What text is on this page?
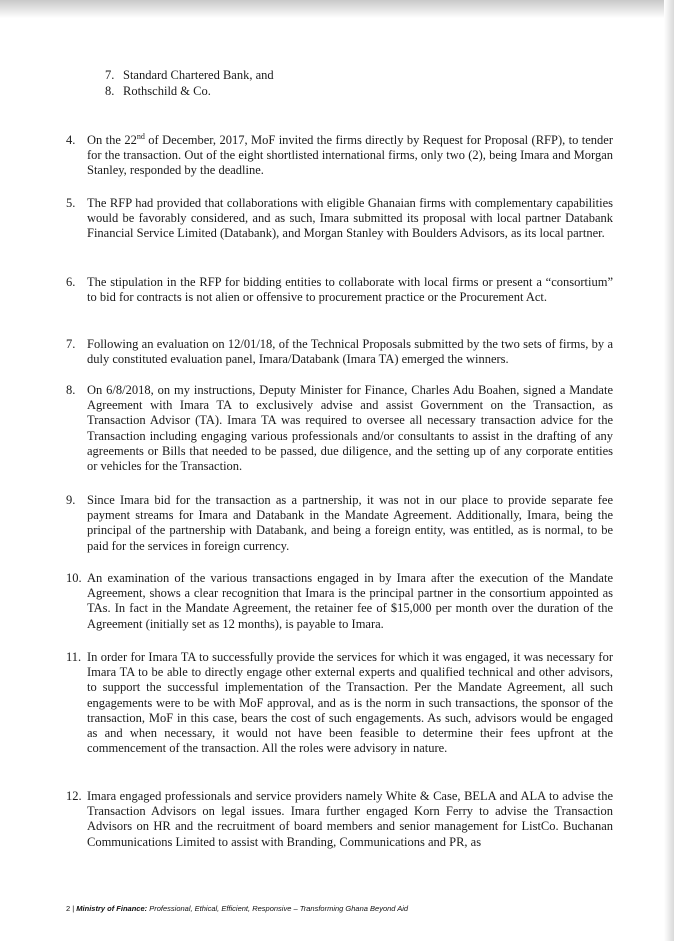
7. Standard Chartered Bank, and
8. Rothschild & Co.
4. On the 22nd of December, 2017, MoF invited the firms directly by Request for Proposal (RFP), to tender for the transaction. Out of the eight shortlisted international firms, only two (2), being Imara and Morgan Stanley, responded by the deadline.
5. The RFP had provided that collaborations with eligible Ghanaian firms with complementary capabilities would be favorably considered, and as such, Imara submitted its proposal with local partner Databank Financial Service Limited (Databank), and Morgan Stanley with Boulders Advisors, as its local partner.
6. The stipulation in the RFP for bidding entities to collaborate with local firms or present a “consortium” to bid for contracts is not alien or offensive to procurement practice or the Procurement Act.
7. Following an evaluation on 12/01/18, of the Technical Proposals submitted by the two sets of firms, by a duly constituted evaluation panel, Imara/Databank (Imara TA) emerged the winners.
8. On 6/8/2018, on my instructions, Deputy Minister for Finance, Charles Adu Boahen, signed a Mandate Agreement with Imara TA to exclusively advise and assist Government on the Transaction, as Transaction Advisor (TA). Imara TA was required to oversee all necessary transaction advice for the Transaction including engaging various professionals and/or consultants to assist in the drafting of any agreements or Bills that needed to be passed, due diligence, and the setting up of any corporate entities or vehicles for the Transaction.
9. Since Imara bid for the transaction as a partnership, it was not in our place to provide separate fee payment streams for Imara and Databank in the Mandate Agreement. Additionally, Imara, being the principal of the partnership with Databank, and being a foreign entity, was entitled, as is normal, to be paid for the services in foreign currency.
10. An examination of the various transactions engaged in by Imara after the execution of the Mandate Agreement, shows a clear recognition that Imara is the principal partner in the consortium appointed as TAs. In fact in the Mandate Agreement, the retainer fee of $15,000 per month over the duration of the Agreement (initially set as 12 months), is payable to Imara.
11. In order for Imara TA to successfully provide the services for which it was engaged, it was necessary for Imara TA to be able to directly engage other external experts and qualified technical and other advisors, to support the successful implementation of the Transaction. Per the Mandate Agreement, all such engagements were to be with MoF approval, and as is the norm in such transactions, the sponsor of the transaction, MoF in this case, bears the cost of such engagements. As such, advisors would be engaged as and when necessary, it would not have been feasible to determine their fees upfront at the commencement of the transaction. All the roles were advisory in nature.
12. Imara engaged professionals and service providers namely White & Case, BELA and ALA to advise the Transaction Advisors on legal issues. Imara further engaged Korn Ferry to advise the Transaction Advisors on HR and the recruitment of board members and senior management for ListCo. Buchanan Communications Limited to assist with Branding, Communications and PR, as
2 | Ministry of Finance: Professional, Ethical, Efficient, Responsive – Transforming Ghana Beyond Aid
